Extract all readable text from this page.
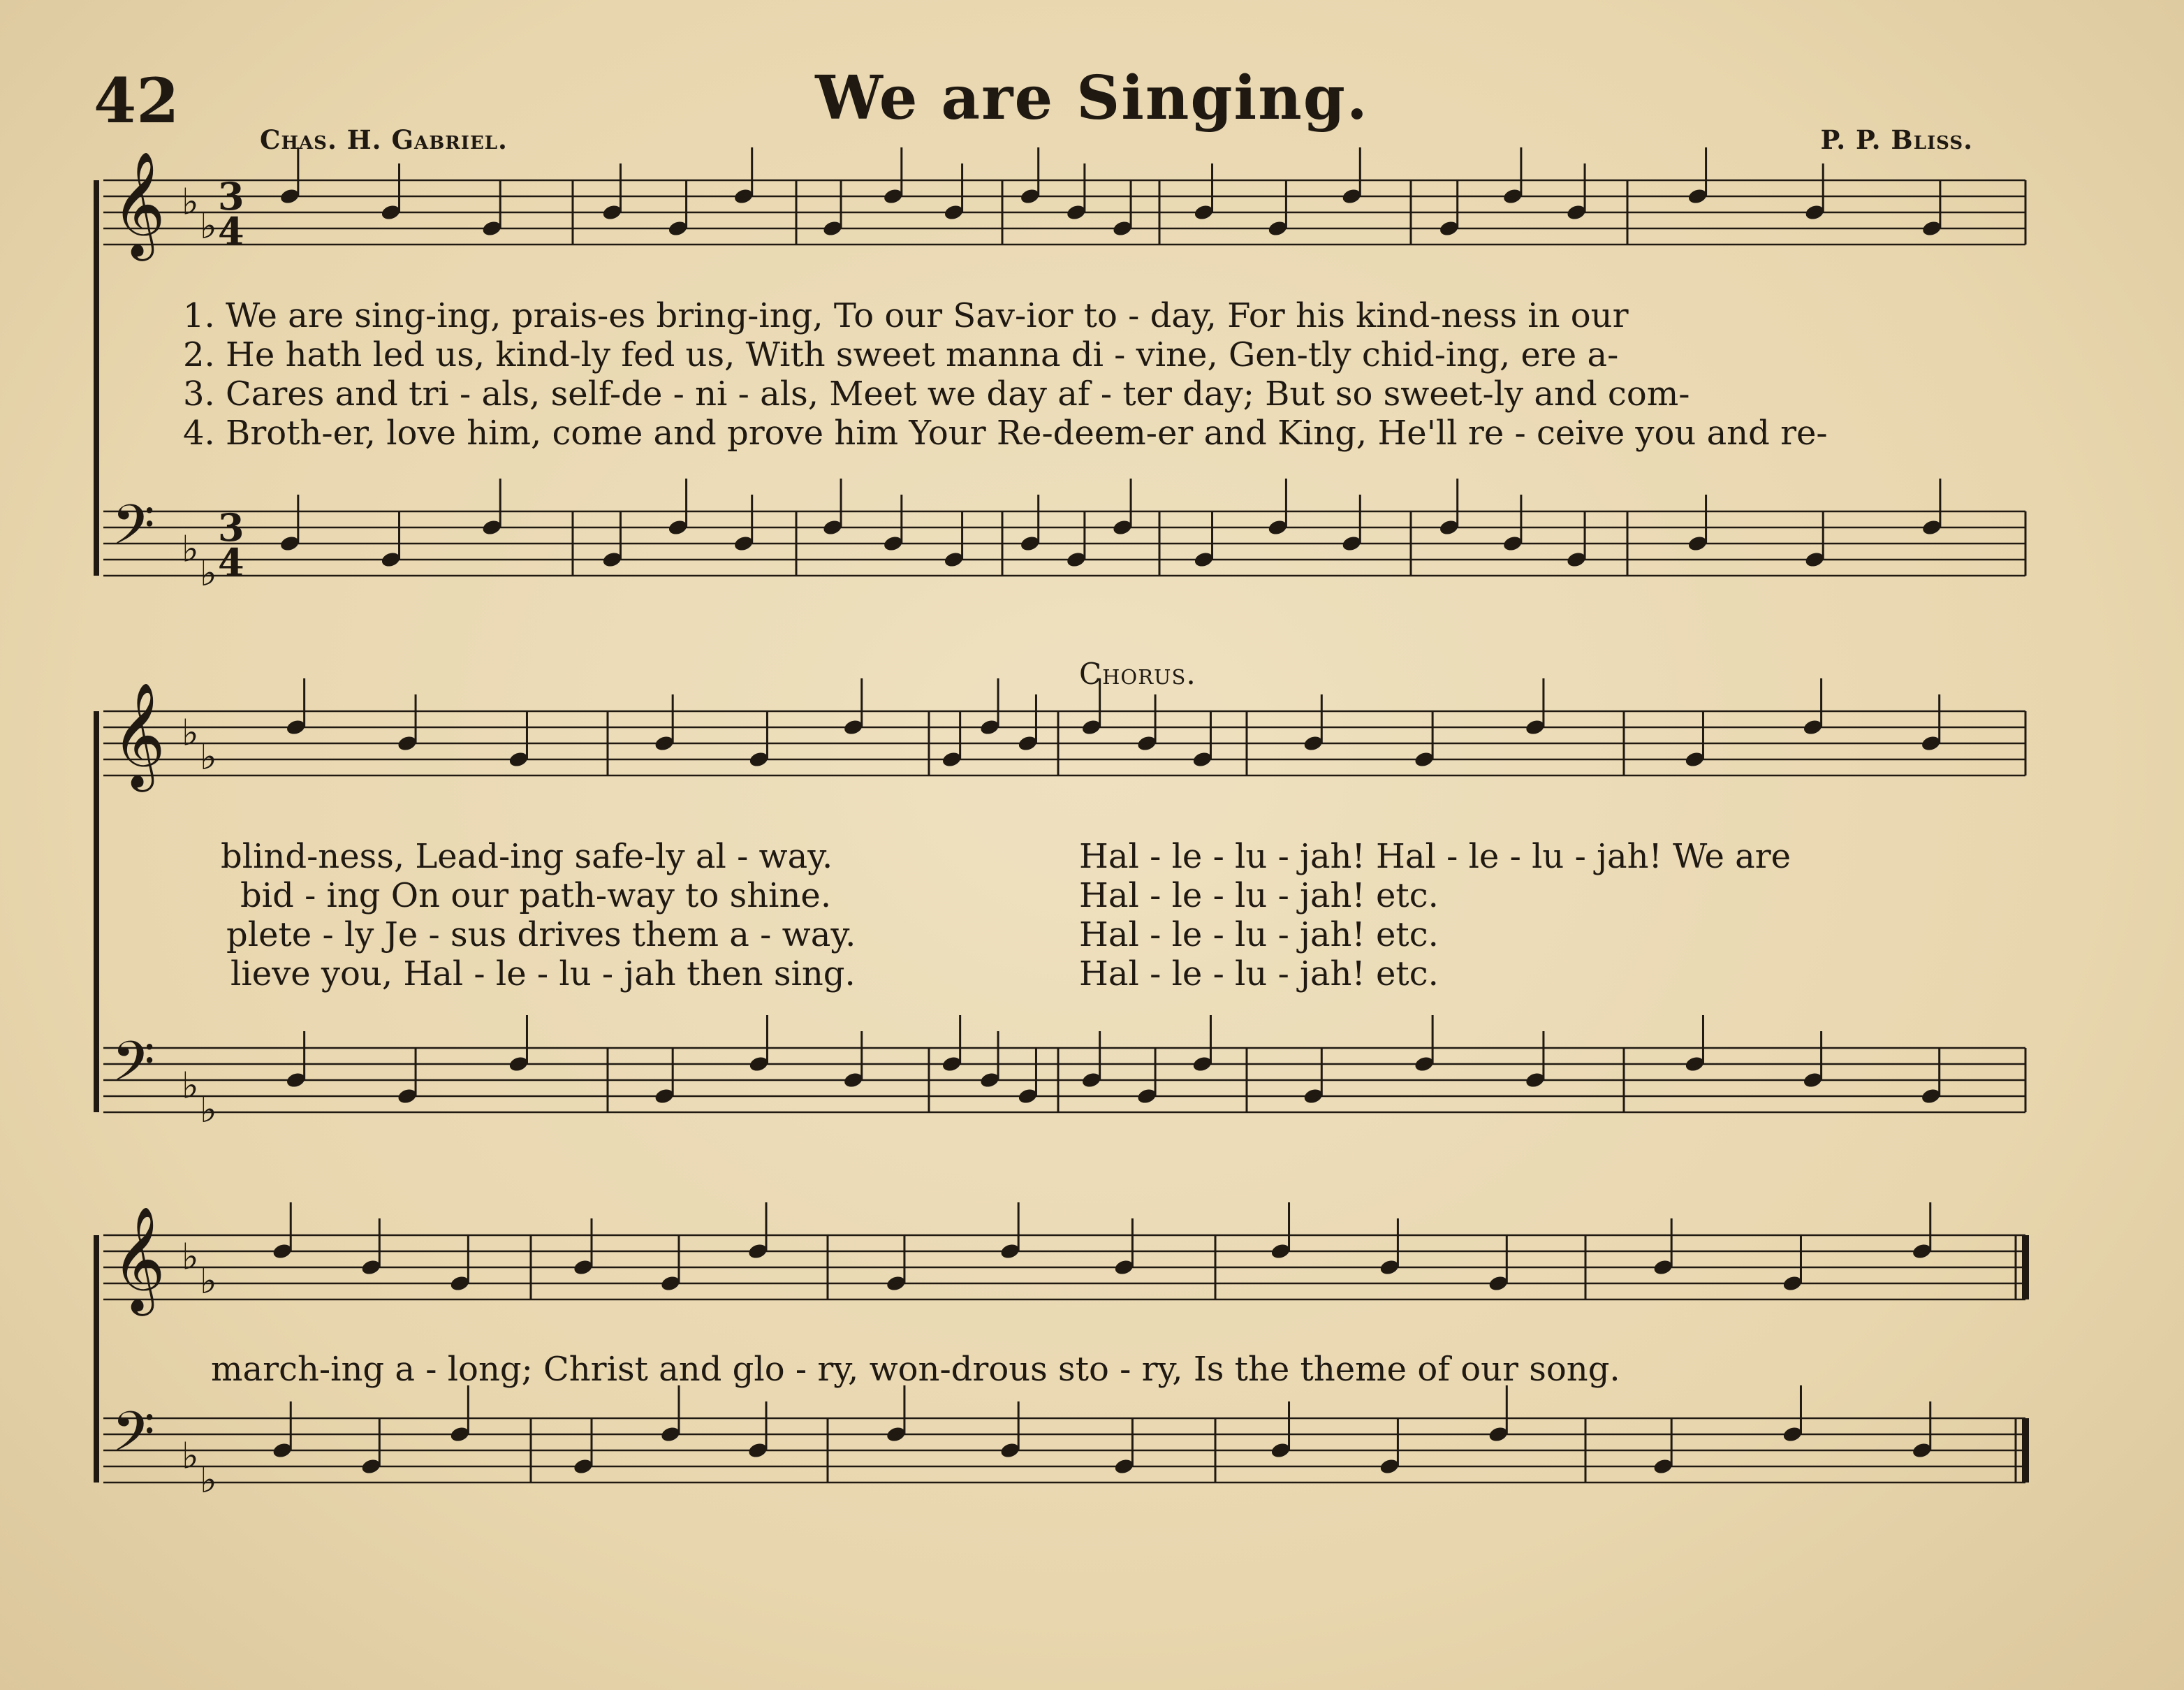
42	We are Singing.
Chas. H. Gabriel.	P. P. Bliss.
𝄞 ♭
♭
𝄢 ♭
♭
𝄞 ♭
♭
𝄢 ♭
♭
𝄞 ♭
♭
𝄢 ♭
♭
3
4
3
4
Chorus.
1. We are sing-ing, prais-es bring-ing, To our Sav-ior to - day, For his kind-ness in our
2. He hath led us, kind-ly fed us, With sweet manna di - vine, Gen-tly chid-ing, ere a-
3. Cares and tri - als, self-de - ni - als, Meet we day af - ter day; But so sweet-ly and com-
4. Broth-er, love him, come and prove him Your Re-deem-er and King, He'll re - ceive you and re-
blind-ness, Lead-ing safe-ly al - way.
bid - ing On our path-way to shine.
plete - ly Je - sus drives them a - way.
lieve you, Hal - le - lu - jah then sing.
Hal - le - lu - jah! Hal - le - lu - jah! We are
Hal - le - lu - jah! etc.
Hal - le - lu - jah! etc.
Hal - le - lu - jah! etc.
march-ing a - long; Christ and glo - ry, won-drous sto - ry, Is the theme of our song.
